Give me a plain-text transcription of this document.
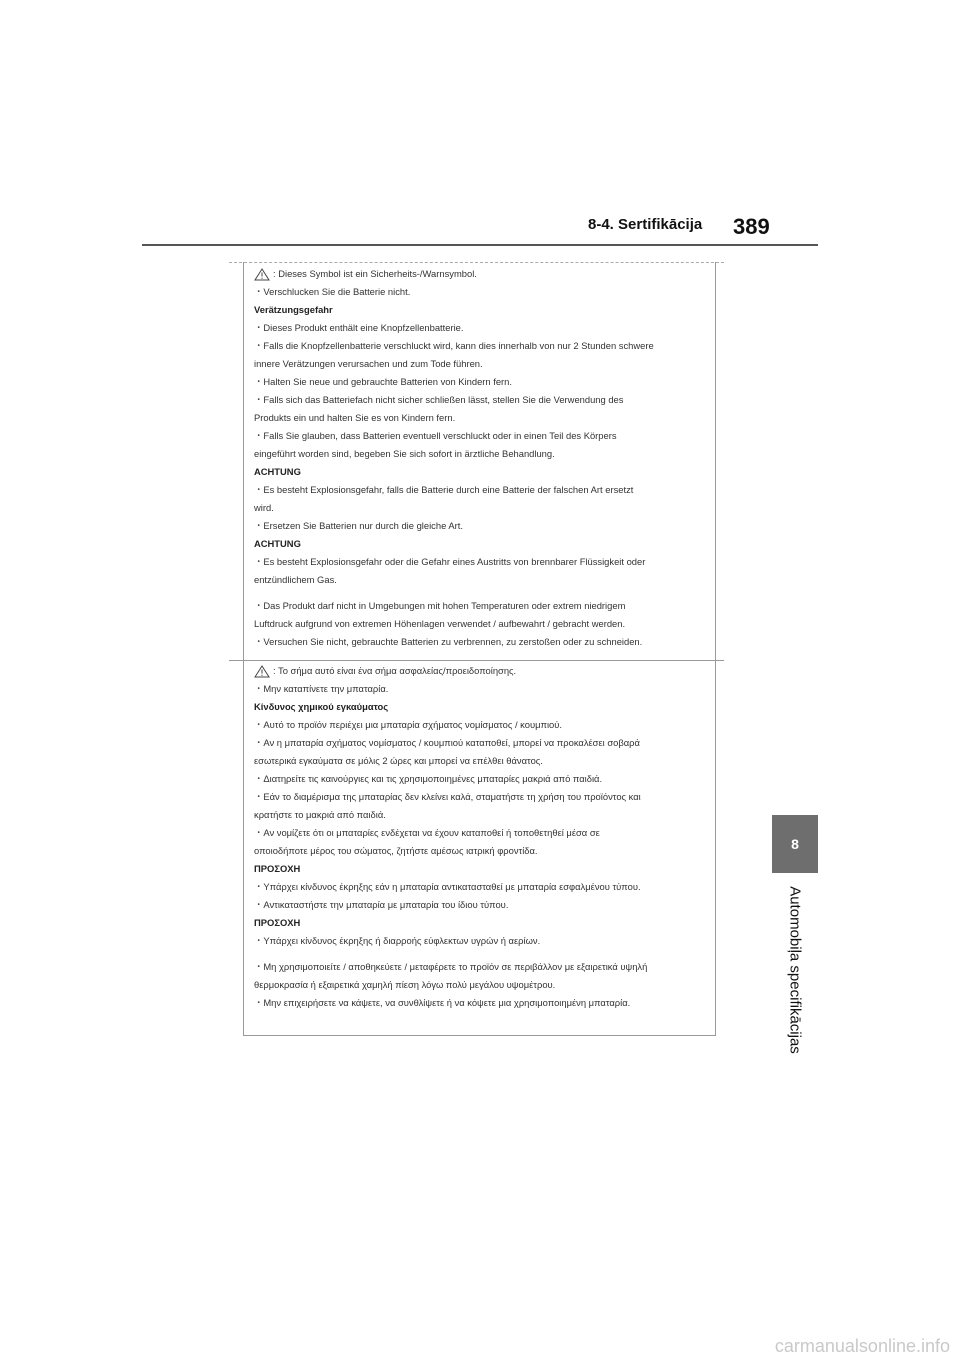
8-4. Sertifikācija 389
8
Automobiļa specifikācijas
: Dieses Symbol ist ein Sicherheits-/Warnsymbol.
・Verschlucken Sie die Batterie nicht.
Verätzungsgefahr
・Dieses Produkt enthält eine Knopfzellenbatterie.
・Falls die Knopfzellenbatterie verschluckt wird, kann dies innerhalb von nur 2 Stunden schwere
innere Verätzungen verursachen und zum Tode führen.
・Halten Sie neue und gebrauchte Batterien von Kindern fern.
・Falls sich das Batteriefach nicht sicher schließen lässt, stellen Sie die Verwendung des
Produkts ein und halten Sie es von Kindern fern.
・Falls Sie glauben, dass Batterien eventuell verschluckt oder in einen Teil des Körpers
eingeführt worden sind, begeben Sie sich sofort in ärztliche Behandlung.
ACHTUNG
・Es besteht Explosionsgefahr, falls die Batterie durch eine Batterie der falschen Art ersetzt
wird.
・Ersetzen Sie Batterien nur durch die gleiche Art.
ACHTUNG
・Es besteht Explosionsgefahr oder die Gefahr eines Austritts von brennbarer Flüssigkeit oder
entzündlichem Gas.
・Das Produkt darf nicht in Umgebungen mit hohen Temperaturen oder extrem niedrigem
Luftdruck aufgrund von extremen Höhenlagen verwendet / aufbewahrt / gebracht werden.
・Versuchen Sie nicht, gebrauchte Batterien zu verbrennen, zu zerstoßen oder zu schneiden.
: Το σήμα αυτό είναι ένα σήμα ασφαλείας/προειδοποίησης.
・Μην καταπίνετε την μπαταρία.
Κίνδυνος χημικού εγκαύματος
・Αυτό το προϊόν περιέχει μια μπαταρία σχήματος νομίσματος / κουμπιού.
・Αν η μπαταρία σχήματος νομίσματος / κουμπιού καταποθεί, μπορεί να προκαλέσει σοβαρά
εσωτερικά εγκαύματα σε μόλις 2 ώρες και μπορεί να επέλθει θάνατος.
・Διατηρείτε τις καινούργιες και τις χρησιμοποιημένες μπαταρίες μακριά από παιδιά.
・Εάν το διαμέρισμα της μπαταρίας δεν κλείνει καλά, σταματήστε τη χρήση του προϊόντος και
κρατήστε το μακριά από παιδιά.
・Αν νομίζετε ότι οι μπαταρίες ενδέχεται να έχουν καταποθεί ή τοποθετηθεί μέσα σε
οποιοδήποτε μέρος του σώματος, ζητήστε αμέσως ιατρική φροντίδα.
ΠΡΟΣΟΧΗ
・Υπάρχει κίνδυνος έκρηξης εάν η μπαταρία αντικατασταθεί με μπαταρία εσφαλμένου τύπου.
・Αντικαταστήστε την μπαταρία με μπαταρία του ίδιου τύπου.
ΠΡΟΣΟΧΗ
・Υπάρχει κίνδυνος έκρηξης ή διαρροής εύφλεκτων υγρών ή αερίων.
・Μη χρησιμοποιείτε / αποθηκεύετε / μεταφέρετε το προϊόν σε περιβάλλον με εξαιρετικά υψηλή
θερμοκρασία ή εξαιρετικά χαμηλή πίεση λόγω πολύ μεγάλου υψομέτρου.
・Μην επιχειρήσετε να κάψετε, να συνθλίψετε ή να κόψετε μια χρησιμοποιημένη μπαταρία.
carmanualsonline.info
